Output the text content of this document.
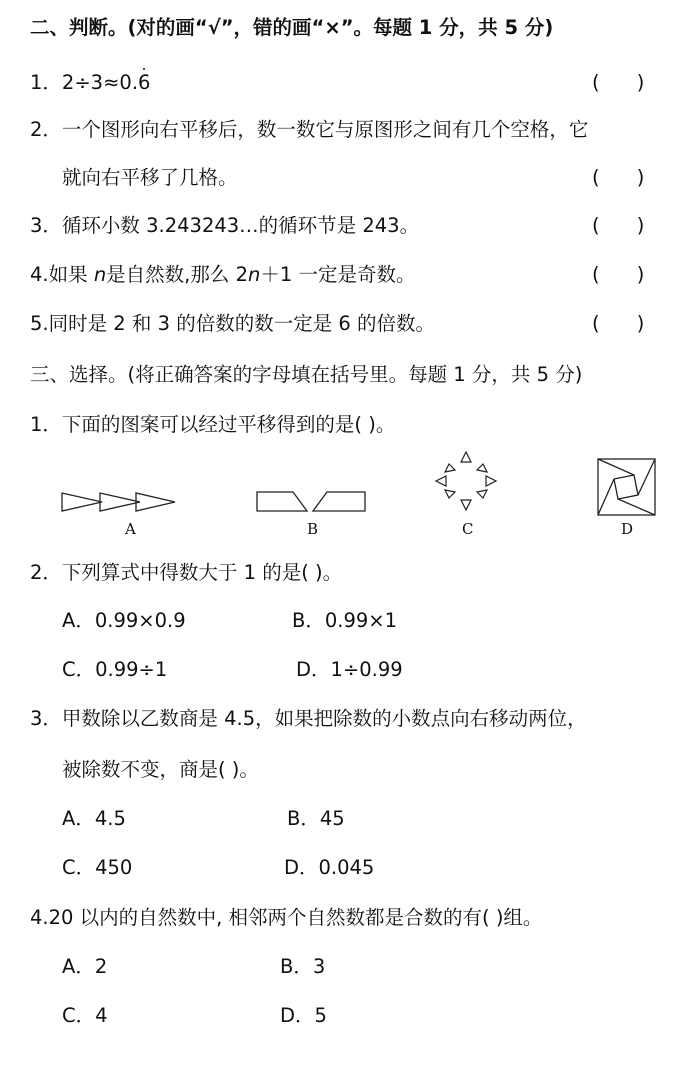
二、判断。(对的画“√”，错的画“×”。每题 1 分，共 5 分)
1．2÷3≈0.6	(      )
2．一个图形向右平移后，数一数它与原图形之间有几个空格，它
就向右平移了几格。	(      )
3．循环小数 3.243243…的循环节是 243。	(      )
4.如果 n是自然数,那么 2n＋1 一定是奇数。	(      )
5.同时是 2 和 3 的倍数的数一定是 6 的倍数。	(      )
三、选择。(将正确答案的字母填在括号里。每题 1 分，共 5 分)
1．下面的图案可以经过平移得到的是( )。
A	B	C	D
2．下列算式中得数大于 1 的是( )。
A．0.99×0.9	B．0.99×1
C．0.99÷1	D．1÷0.99
3．甲数除以乙数商是 4.5，如果把除数的小数点向右移动两位，
被除数不变，商是( )。
A．4.5	B．45
C．450	D．0.045
4.20 以内的自然数中, 相邻两个自然数都是合数的有( )组。
A．2	B．3
C．4	D．5
